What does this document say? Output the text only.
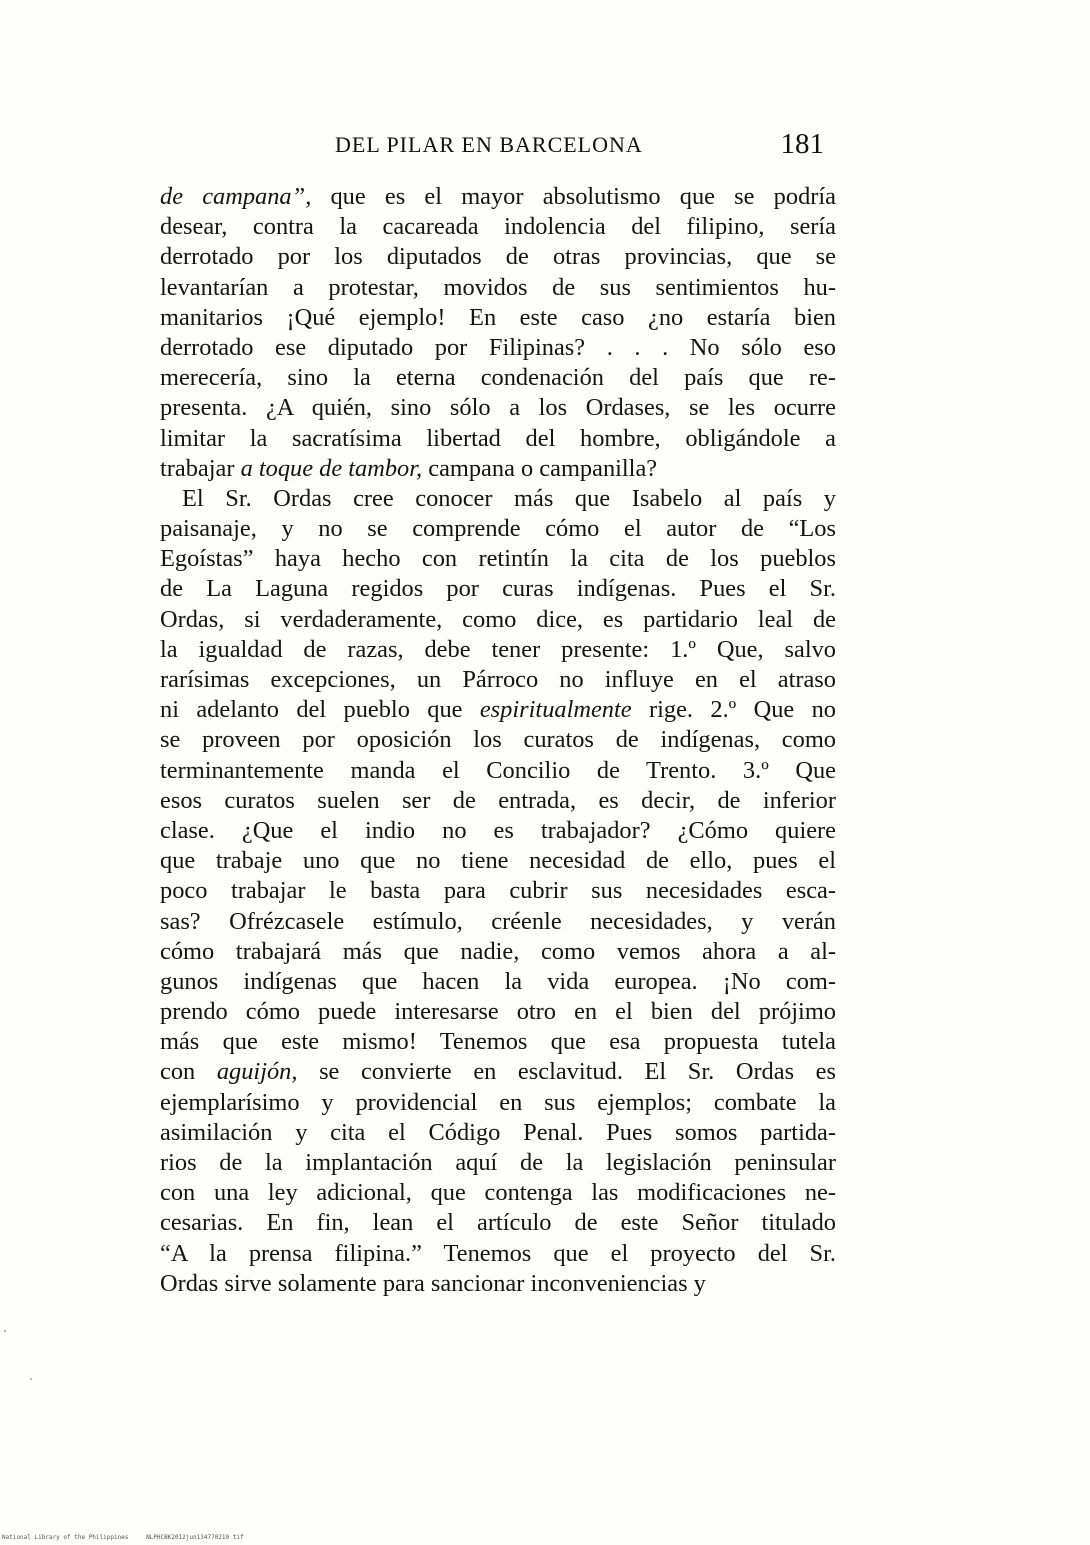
DEL PILAR EN BARCELONA	181
de campana”, que es el mayor absolutismo que se podría
desear, contra la cacareada indolencia del filipino, sería
derrotado por los diputados de otras provincias, que se
levantarían a protestar, movidos de sus sentimientos hu-
manitarios ¡Qué ejemplo! En este caso ¿no estaría bien
derrotado ese diputado por Filipinas? . . . No sólo eso
merecería, sino la eterna condenación del país que re-
presenta. ¿A quién, sino sólo a los Ordases, se les ocurre
limitar la sacratísima libertad del hombre, obligándole a
trabajar a toque de tambor, campana o campanilla?
El Sr. Ordas cree conocer más que Isabelo al país y
paisanaje, y no se comprende cómo el autor de “Los
Egoístas” haya hecho con retintín la cita de los pueblos
de La Laguna regidos por curas indígenas. Pues el Sr.
Ordas, si verdaderamente, como dice, es partidario leal de
la igualdad de razas, debe tener presente: 1.º Que, salvo
rarísimas excepciones, un Párroco no influye en el atraso
ni adelanto del pueblo que espiritualmente rige. 2.º Que no
se proveen por oposición los curatos de indígenas, como
terminantemente manda el Concilio de Trento. 3.º Que
esos curatos suelen ser de entrada, es decir, de inferior
clase. ¿Que el indio no es trabajador? ¿Cómo quiere
que trabaje uno que no tiene necesidad de ello, pues el
poco trabajar le basta para cubrir sus necesidades esca-
sas? Ofrézcasele estímulo, créenle necesidades, y verán
cómo trabajará más que nadie, como vemos ahora a al-
gunos indígenas que hacen la vida europea. ¡No com-
prendo cómo puede interesarse otro en el bien del prójimo
más que este mismo! Tenemos que esa propuesta tutela
con aguijón, se convierte en esclavitud. El Sr. Ordas es
ejemplarísimo y providencial en sus ejemplos; combate la
asimilación y cita el Código Penal. Pues somos partida-
rios de la implantación aquí de la legislación peninsular
con una ley adicional, que contenga las modificaciones ne-
cesarias. En fin, lean el artículo de este Señor titulado
“A la prensa filipina.” Tenemos que el proyecto del Sr.
Ordas sirve solamente para sancionar inconveniencias y
National Library of the Philippines	NLPHCBK2012jun134770210 tif
